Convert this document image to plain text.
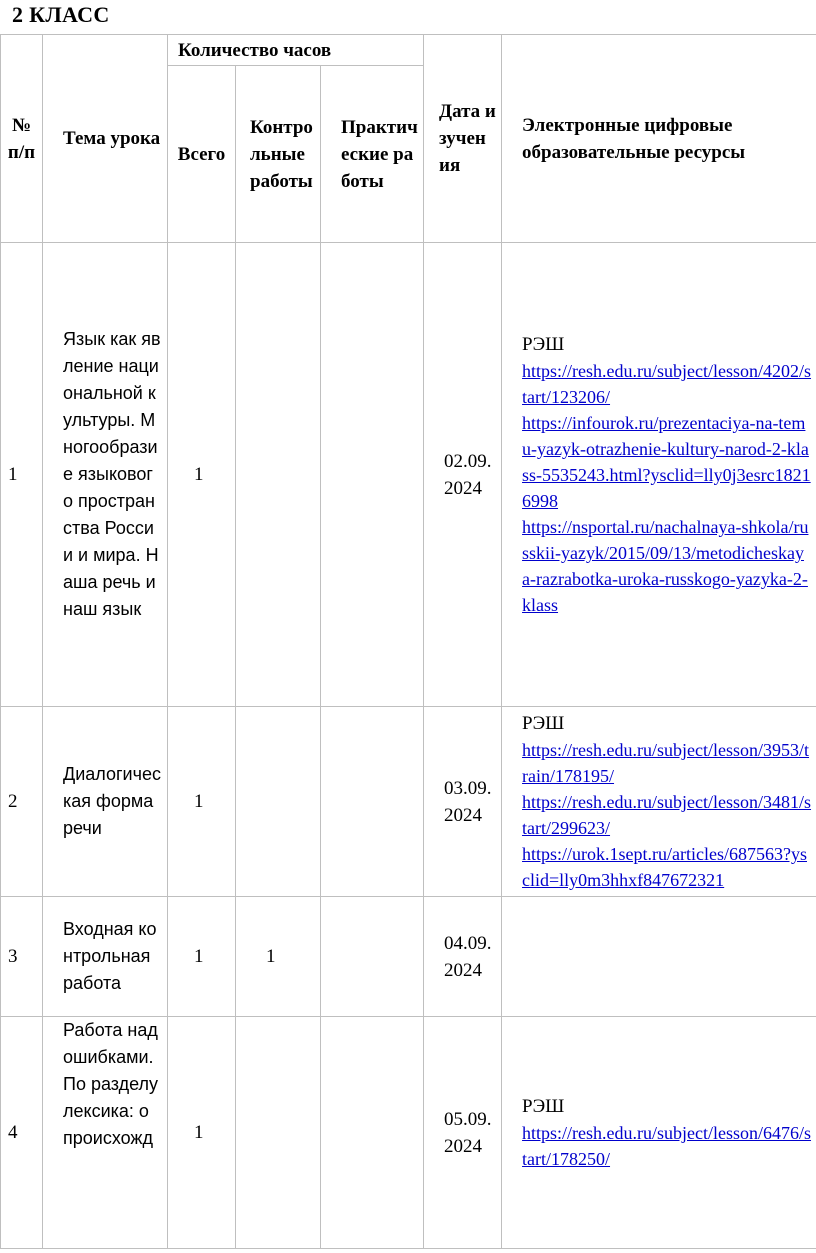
2 КЛАСС
№ п/п	Тема урока	Количество часов			Дата изучения	Электронные цифровые образовательные ресурсы
		Всего	Контрольные работы	Практические работы		
1	Язык как явление национальной культуры. Многообразие языкового пространства России и мира. Наша речь и наш язык	1			02.09.2024	РЭШ
https://resh.edu.ru/subject/lesson/4202/start/123206/
https://infourok.ru/prezentaciya-na-temu-yazyk-otrazhenie-kultury-narod-2-klass-5535243.html?ysclid=lly0j3esrc18216998
https://nsportal.ru/nachalnaya-shkola/russkii-yazyk/2015/09/13/metodicheskaya-razrabotka-uroka-russkogo-yazyka-2-klass

2	Диалогическая форма речи	1			03.09.2024	РЭШ
https://resh.edu.ru/subject/lesson/3953/train/178195/
https://resh.edu.ru/subject/lesson/3481/start/299623/
https://urok.1sept.ru/articles/687563?ysclid=lly0m3hhxf847672321

3	Входная контрольная работа	1	1		04.09.2024	

4	Работа над ошибками. По разделу лексика: о происхожд	1			05.09.2024	РЭШ
https://resh.edu.ru/subject/lesson/6476/start/178250/
